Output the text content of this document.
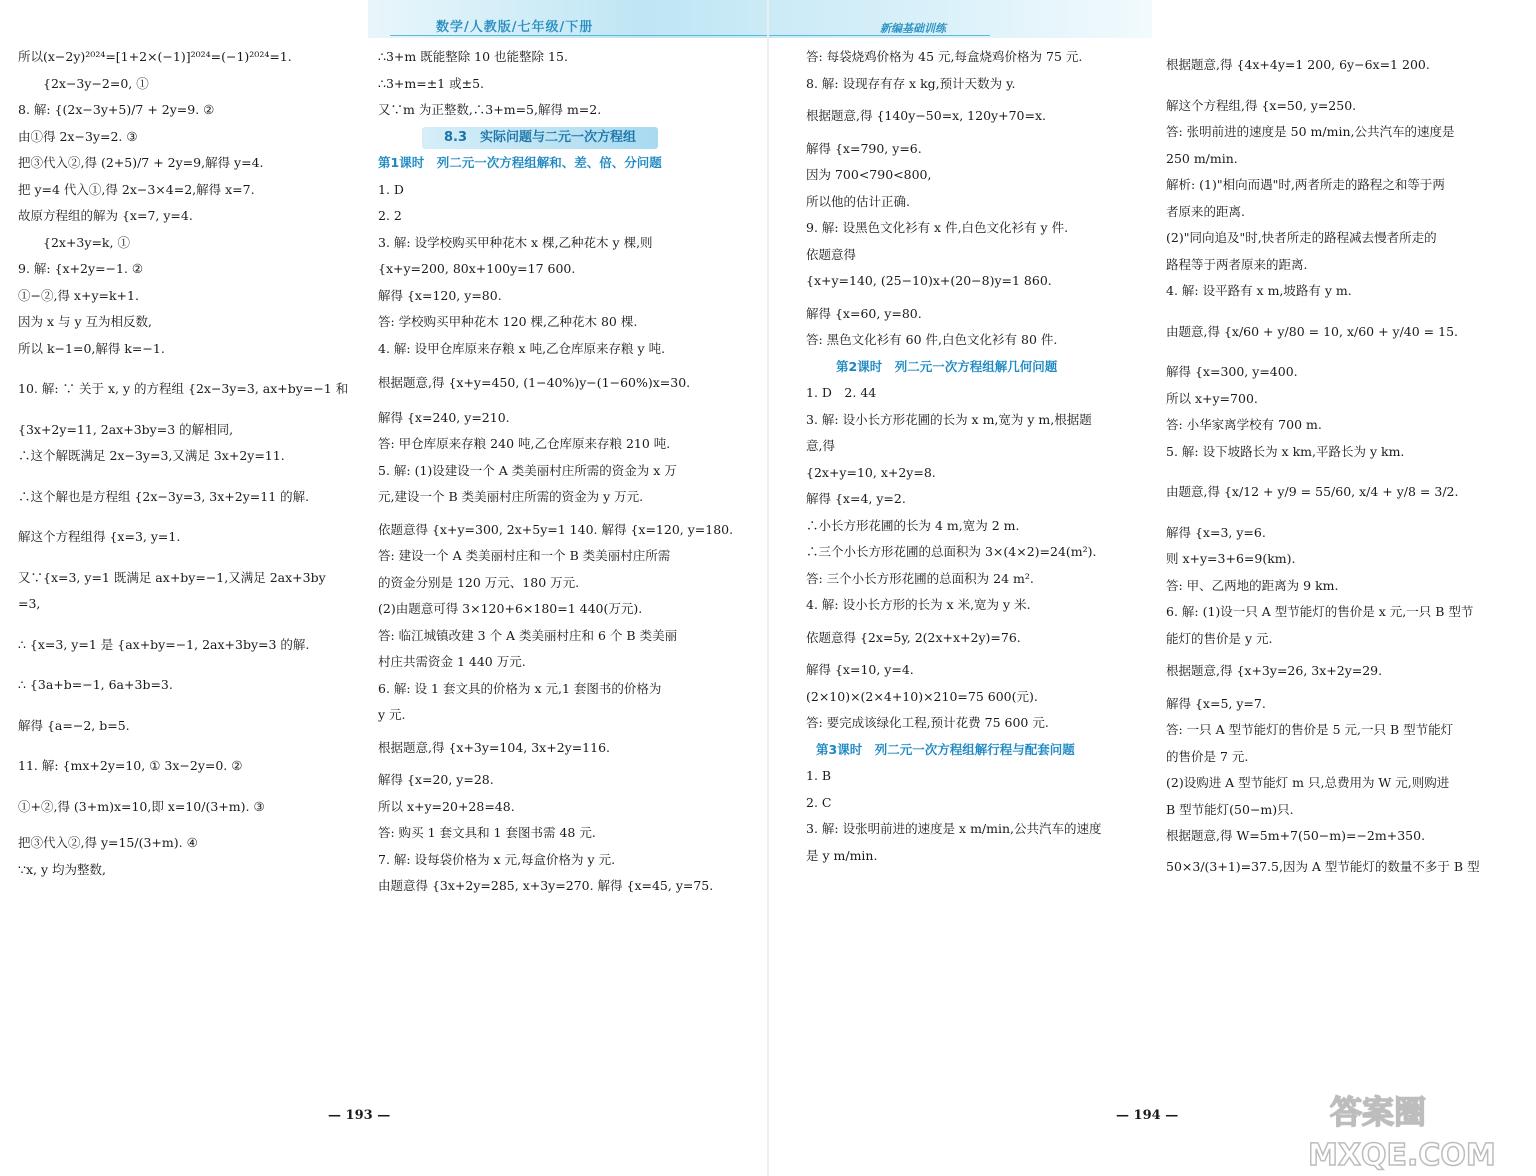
数学/人教版/七年级/下册	新编基础训练

所以(x−2y)²⁰²⁴=[1+2×(−1)]²⁰²⁴=(−1)²⁰²⁴=1.

　　{2x−3y−2=0, ①

8. 解: {(2x−3y+5)/7 + 2y=9. ②

由①得 2x−3y=2. ③

把③代入②,得 (2+5)/7 + 2y=9,解得 y=4.

把 y=4 代入①,得 2x−3×4=2,解得 x=7.

故原方程组的解为 {x=7, y=4.

　　{2x+3y=k, ①

9. 解: {x+2y=−1. ②

①−②,得 x+y=k+1.

因为 x 与 y 互为相反数,

所以 k−1=0,解得 k=−1.

10. 解: ∵ 关于 x, y 的方程组 {2x−3y=3, ax+by=−1 和

{3x+2y=11, 2ax+3by=3 的解相同,

∴这个解既满足 2x−3y=3,又满足 3x+2y=11.

∴这个解也是方程组 {2x−3y=3, 3x+2y=11 的解.

解这个方程组得 {x=3, y=1.

又∵{x=3, y=1 既满足 ax+by=−1,又满足 2ax+3by

=3,

∴ {x=3, y=1 是 {ax+by=−1, 2ax+3by=3 的解.

∴ {3a+b=−1, 6a+3b=3.

解得 {a=−2, b=5.

11. 解: {mx+2y=10, ① 3x−2y=0. ②

①+②,得 (3+m)x=10,即 x=10/(3+m). ③

把③代入②,得 y=15/(3+m). ④

∵x, y 均为整数,

∴3+m 既能整除 10 也能整除 15.

∴3+m=±1 或±5.

又∵m 为正整数,∴3+m=5,解得 m=2.

8.3　实际问题与二元一次方程组

第1课时　列二元一次方程组解和、差、倍、分问题

1. D

2. 2

3. 解: 设学校购买甲种花木 x 棵,乙种花木 y 棵,则

{x+y=200, 80x+100y=17 600.

解得 {x=120, y=80.

答: 学校购买甲种花木 120 棵,乙种花木 80 棵.

4. 解: 设甲仓库原来存粮 x 吨,乙仓库原来存粮 y 吨.

根据题意,得 {x+y=450, (1−40%)y−(1−60%)x=30.

解得 {x=240, y=210.

答: 甲仓库原来存粮 240 吨,乙仓库原来存粮 210 吨.

5. 解: (1)设建设一个 A 类美丽村庄所需的资金为 x 万

元,建设一个 B 类美丽村庄所需的资金为 y 万元.

依题意得 {x+y=300, 2x+5y=1 140. 解得 {x=120, y=180.

答: 建设一个 A 类美丽村庄和一个 B 类美丽村庄所需

的资金分别是 120 万元、180 万元.

(2)由题意可得 3×120+6×180=1 440(万元).

答: 临江城镇改建 3 个 A 类美丽村庄和 6 个 B 类美丽

村庄共需资金 1 440 万元.

6. 解: 设 1 套文具的价格为 x 元,1 套图书的价格为

y 元.

根据题意,得 {x+3y=104, 3x+2y=116.

解得 {x=20, y=28.

所以 x+y=20+28=48.

答: 购买 1 套文具和 1 套图书需 48 元.

7. 解: 设每袋价格为 x 元,每盒价格为 y 元.

由题意得 {3x+2y=285, x+3y=270. 解得 {x=45, y=75.

答: 每袋烧鸡价格为 45 元,每盒烧鸡价格为 75 元.

8. 解: 设现存有存 x kg,预计天数为 y.

根据题意,得 {140y−50=x, 120y+70=x.

解得 {x=790, y=6.

因为 700<790<800,

所以他的估计正确.

9. 解: 设黑色文化衫有 x 件,白色文化衫有 y 件.

依题意得

{x+y=140, (25−10)x+(20−8)y=1 860.

解得 {x=60, y=80.

答: 黑色文化衫有 60 件,白色文化衫有 80 件.

第2课时　列二元一次方程组解几何问题

1. D　2. 44

3. 解: 设小长方形花圃的长为 x m,宽为 y m,根据题

意,得

{2x+y=10, x+2y=8.

解得 {x=4, y=2.

∴小长方形花圃的长为 4 m,宽为 2 m.

∴三个小长方形花圃的总面积为 3×(4×2)=24(m²).

答: 三个小长方形花圃的总面积为 24 m².

4. 解: 设小长方形的长为 x 米,宽为 y 米.

依题意得 {2x=5y, 2(2x+x+2y)=76.

解得 {x=10, y=4.

(2×10)×(2×4+10)×210=75 600(元).

答: 要完成该绿化工程,预计花费 75 600 元.

第3课时　列二元一次方程组解行程与配套问题

1. B

2. C

3. 解: 设张明前进的速度是 x m/min,公共汽车的速度

是 y m/min.

根据题意,得 {4x+4y=1 200, 6y−6x=1 200.

解这个方程组,得 {x=50, y=250.

答: 张明前进的速度是 50 m/min,公共汽车的速度是

250 m/min.

解析: (1)"相向而遇"时,两者所走的路程之和等于两

者原来的距离.

(2)"同向追及"时,快者所走的路程减去慢者所走的

路程等于两者原来的距离.

4. 解: 设平路有 x m,坡路有 y m.

由题意,得 {x/60 + y/80 = 10, x/60 + y/40 = 15.

解得 {x=300, y=400.

所以 x+y=700.

答: 小华家离学校有 700 m.

5. 解: 设下坡路长为 x km,平路长为 y km.

由题意,得 {x/12 + y/9 = 55/60, x/4 + y/8 = 3/2.

解得 {x=3, y=6.

则 x+y=3+6=9(km).

答: 甲、乙两地的距离为 9 km.

6. 解: (1)设一只 A 型节能灯的售价是 x 元,一只 B 型节

能灯的售价是 y 元.

根据题意,得 {x+3y=26, 3x+2y=29.

解得 {x=5, y=7.

答: 一只 A 型节能灯的售价是 5 元,一只 B 型节能灯

的售价是 7 元.

(2)设购进 A 型节能灯 m 只,总费用为 W 元,则购进

B 型节能灯(50−m)只.

根据题意,得 W=5m+7(50−m)=−2m+350.

50×3/(3+1)=37.5,因为 A 型节能灯的数量不多于 B 型

— 193 —	— 194 —	答案圈
MXQE.COM
